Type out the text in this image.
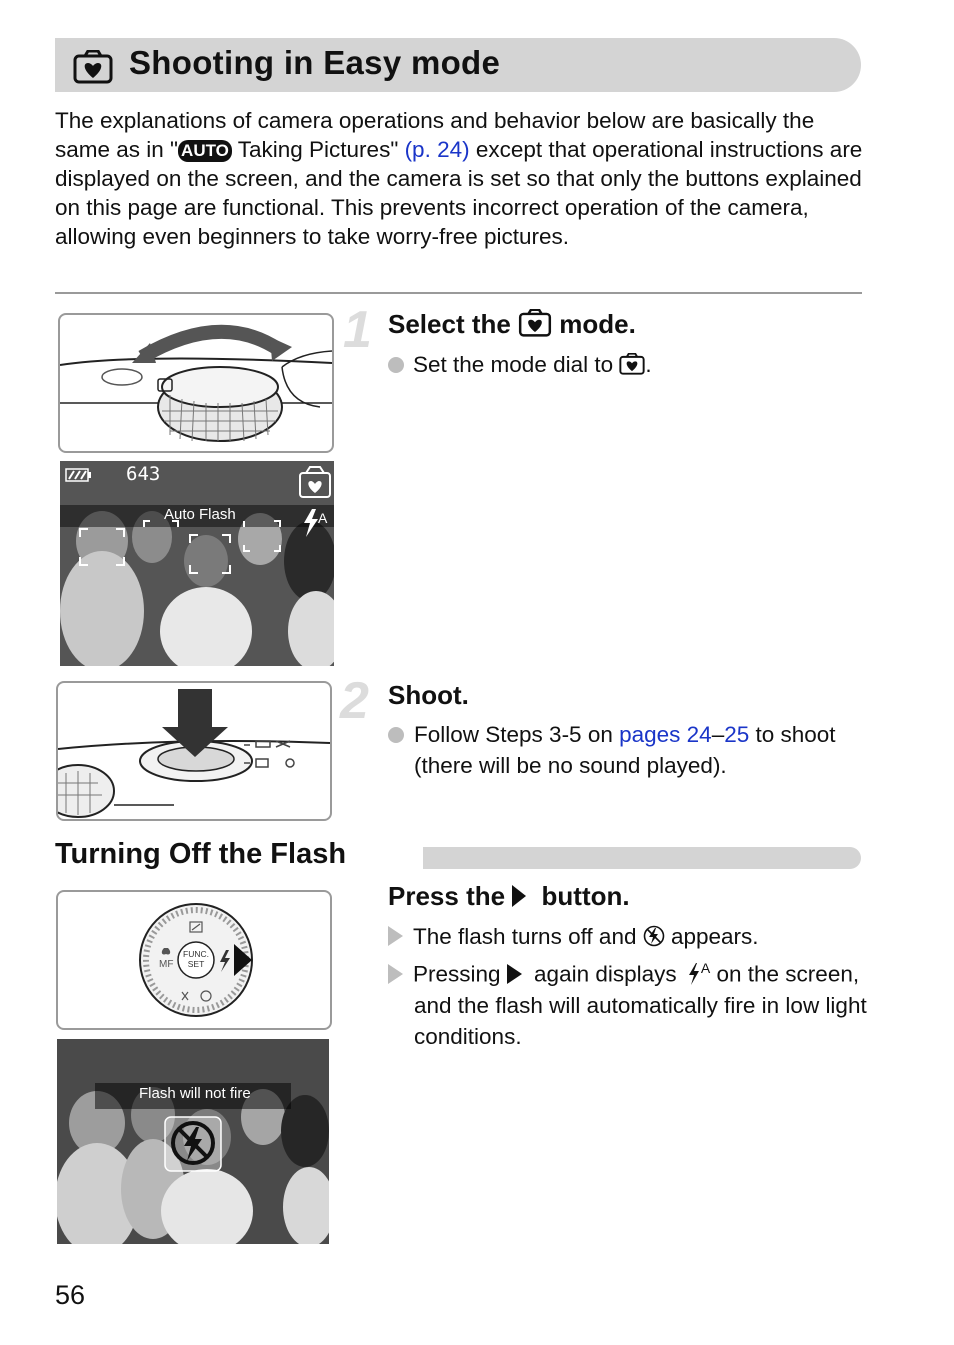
Shooting in Easy mode
The explanations of camera operations and behavior below are basically the same as in " AUTO Taking Pictures" (p. 24) except that operational instructions are displayed on the screen, and the camera is set so that only the buttons explained on this page are functional. This prevents incorrect operation of the camera, allowing even beginners to take worry-free pictures.
A
643
Auto Flash
1 Select the  mode.
Set the mode dial to .
2 Shoot.
Follow Steps 3-5 on pages 24–25 to shoot (there will be no sound played).
Turning Off the Flash
FUNC.
SET
MF
Press the  button.
The flash turns off and  appears.
Pressing  again displays $^A$ on the screen, and the flash will automatically fire in low light conditions.
Flash will not fire
56
